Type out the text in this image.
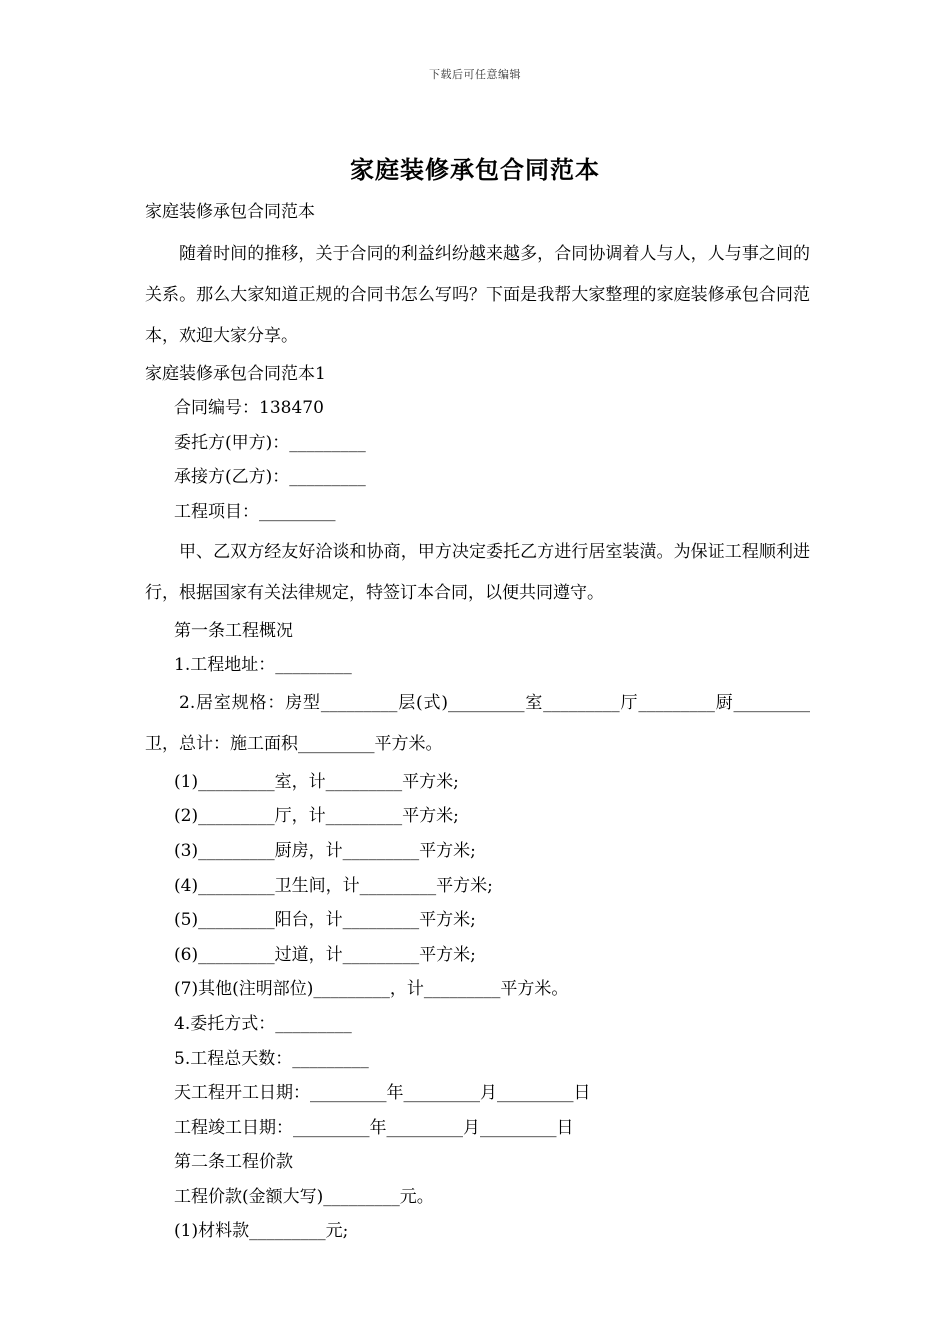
下载后可任意编辑
家庭装修承包合同范本
家庭装修承包合同范本
随着时间的推移，关于合同的利益纠纷越来越多，合同协调着人与人，人与事之间的关系。那么大家知道正规的合同书怎么写吗？下面是我帮大家整理的家庭装修承包合同范本，欢迎大家分享。
家庭装修承包合同范本1
合同编号：138470
委托方(甲方)：_________
承接方(乙方)：_________
工程项目：_________
甲、乙双方经友好洽谈和协商，甲方决定委托乙方进行居室装潢。为保证工程顺利进行，根据国家有关法律规定，特签订本合同，以便共同遵守。
第一条工程概况
1.工程地址：_________
2.居室规格：房型_________层(式)_________室_________厅_________厨_________卫，总计：施工面积_________平方米。
(1)_________室，计_________平方米;
(2)_________厅，计_________平方米;
(3)_________厨房，计_________平方米;
(4)_________卫生间，计_________平方米;
(5)_________阳台，计_________平方米;
(6)_________过道，计_________平方米;
(7)其他(注明部位)_________，计_________平方米。
4.委托方式：_________
5.工程总天数：_________
天工程开工日期：_________年_________月_________日
工程竣工日期：_________年_________月_________日
第二条工程价款
工程价款(金额大写)_________元。
(1)材料款_________元;
